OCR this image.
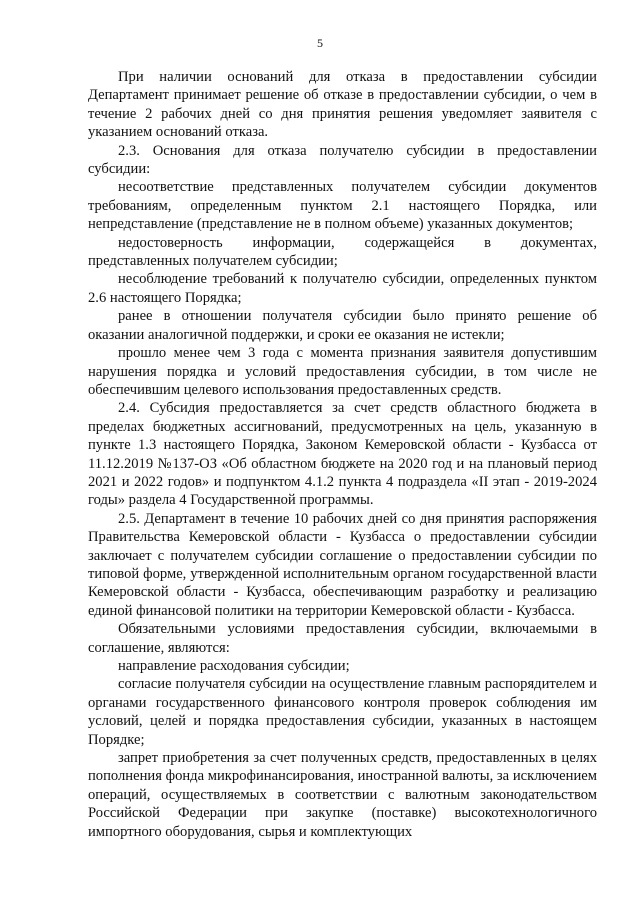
5

При наличии оснований для отказа в предоставлении субсидии Департамент принимает решение об отказе в предоставлении субсидии, о чем в течение 2 рабочих дней со дня принятия решения уведомляет заявителя с указанием оснований отказа.

2.3. Основания для отказа получателю субсидии в предоставлении субсидии:

несоответствие представленных получателем субсидии документов требованиям, определенным пунктом 2.1 настоящего Порядка, или непредставление (представление не в полном объеме) указанных документов;

недостоверность информации, содержащейся в документах, представленных получателем субсидии;

несоблюдение требований к получателю субсидии, определенных пунктом 2.6 настоящего Порядка;

ранее в отношении получателя субсидии было принято решение об оказании аналогичной поддержки, и сроки ее оказания не истекли;

прошло менее чем 3 года с момента признания заявителя допустившим нарушения порядка и условий предоставления субсидии, в том числе не обеспечившим целевого использования предоставленных средств.

2.4. Субсидия предоставляется за счет средств областного бюджета в пределах бюджетных ассигнований, предусмотренных на цель, указанную в пункте 1.3 настоящего Порядка, Законом Кемеровской области - Кузбасса от 11.12.2019 №137-ОЗ «Об областном бюджете на 2020 год и на плановый период 2021 и 2022 годов» и подпунктом 4.1.2 пункта 4 подраздела «II этап - 2019-2024 годы» раздела 4 Государственной программы.

2.5. Департамент в течение 10 рабочих дней со дня принятия распоряжения Правительства Кемеровской области - Кузбасса о предоставлении субсидии заключает с получателем субсидии соглашение о предоставлении субсидии по типовой форме, утвержденной исполнительным органом государственной власти Кемеровской области - Кузбасса, обеспечивающим разработку и реализацию единой финансовой политики на территории Кемеровской области - Кузбасса.

Обязательными условиями предоставления субсидии, включаемыми в соглашение, являются:

направление расходования субсидии;

согласие получателя субсидии на осуществление главным распорядителем и органами государственного финансового контроля проверок соблюдения им условий, целей и порядка предоставления субсидии, указанных в настоящем Порядке;

запрет приобретения за счет полученных средств, предоставленных в целях пополнения фонда микрофинансирования, иностранной валюты, за исключением операций, осуществляемых в соответствии с валютным законодательством Российской Федерации при закупке (поставке) высокотехнологичного импортного оборудования, сырья и комплектующих
